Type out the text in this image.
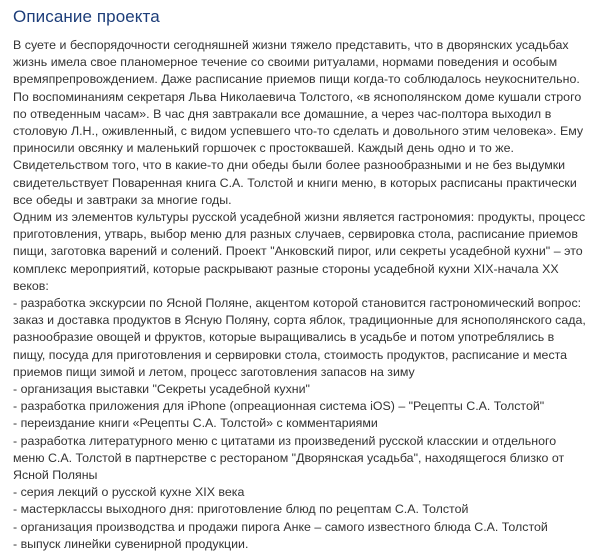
Описание проекта

В суете и беспорядочности сегодняшней жизни тяжело представить, что в дворянских усадьбах жизнь имела свое планомерное течение со своими ритуалами, нормами поведения и особым времяпрепровождением. Даже расписание приемов пищи когда-то соблюдалось неукоснительно. По воспоминаниям секретаря Льва Николаевича Толстого, «в яснополянском доме кушали строго по отведенным часам». В час дня завтракали все домашние, а через час-полтора выходил в столовую Л.Н., оживленный, с видом успевшего что-то сделать и довольного этим человека». Ему приносили овсянку и маленький горшочек с простоквашей. Каждый день одно и то же. Свидетельством того, что в какие-то дни обеды были более разнообразными и не без выдумки свидетельствует Поваренная книга С.А. Толстой и книги меню, в которых расписаны практически все обеды и завтраки за многие годы.

Одним из элементов культуры русской усадебной жизни является гастрономия: продукты, процесс приготовления, утварь, выбор меню для разных случаев, сервировка стола, расписание приемов пищи, заготовка варений и солений. Проект "Анковский пирог, или секреты усадебной кухни" – это комплекс мероприятий, которые раскрывают разные стороны усадебной кухни XIX-начала XX веков:

- разработка экскурсии по Ясной Поляне, акцентом которой становится гастрономический вопрос: заказ и доставка продуктов в Ясную Поляну, сорта яблок, традиционные для яснополянского сада, разнообразие овощей и фруктов, которые выращивались в усадьбе и потом употреблялись в пищу, посуда для приготовления и сервировки стола, стоимость продуктов, расписание и места приемов пищи зимой и летом, процесс заготовления запасов на зиму

- организация выставки "Секреты усадебной кухни"

- разработка приложения для iPhone (опреационная система iOS) – "Рецепты С.А. Толстой"

- переиздание книги «Рецепты С.А. Толстой» с комментариями

- разработка литературного меню с цитатами из произведений русской класскии и отдельного меню С.А. Толстой в партнерстве с рестораном "Дворянская усадьба", находящегося близко от Ясной Поляны

- серия лекций о русской кухне XIX века

- мастерклассы выходного дня: приготовление блюд по рецептам С.А. Толстой

- организация производства и продажи пирога Анке – самого известного блюда С.А. Толстой

- выпуск линейки сувенирной продукции.
